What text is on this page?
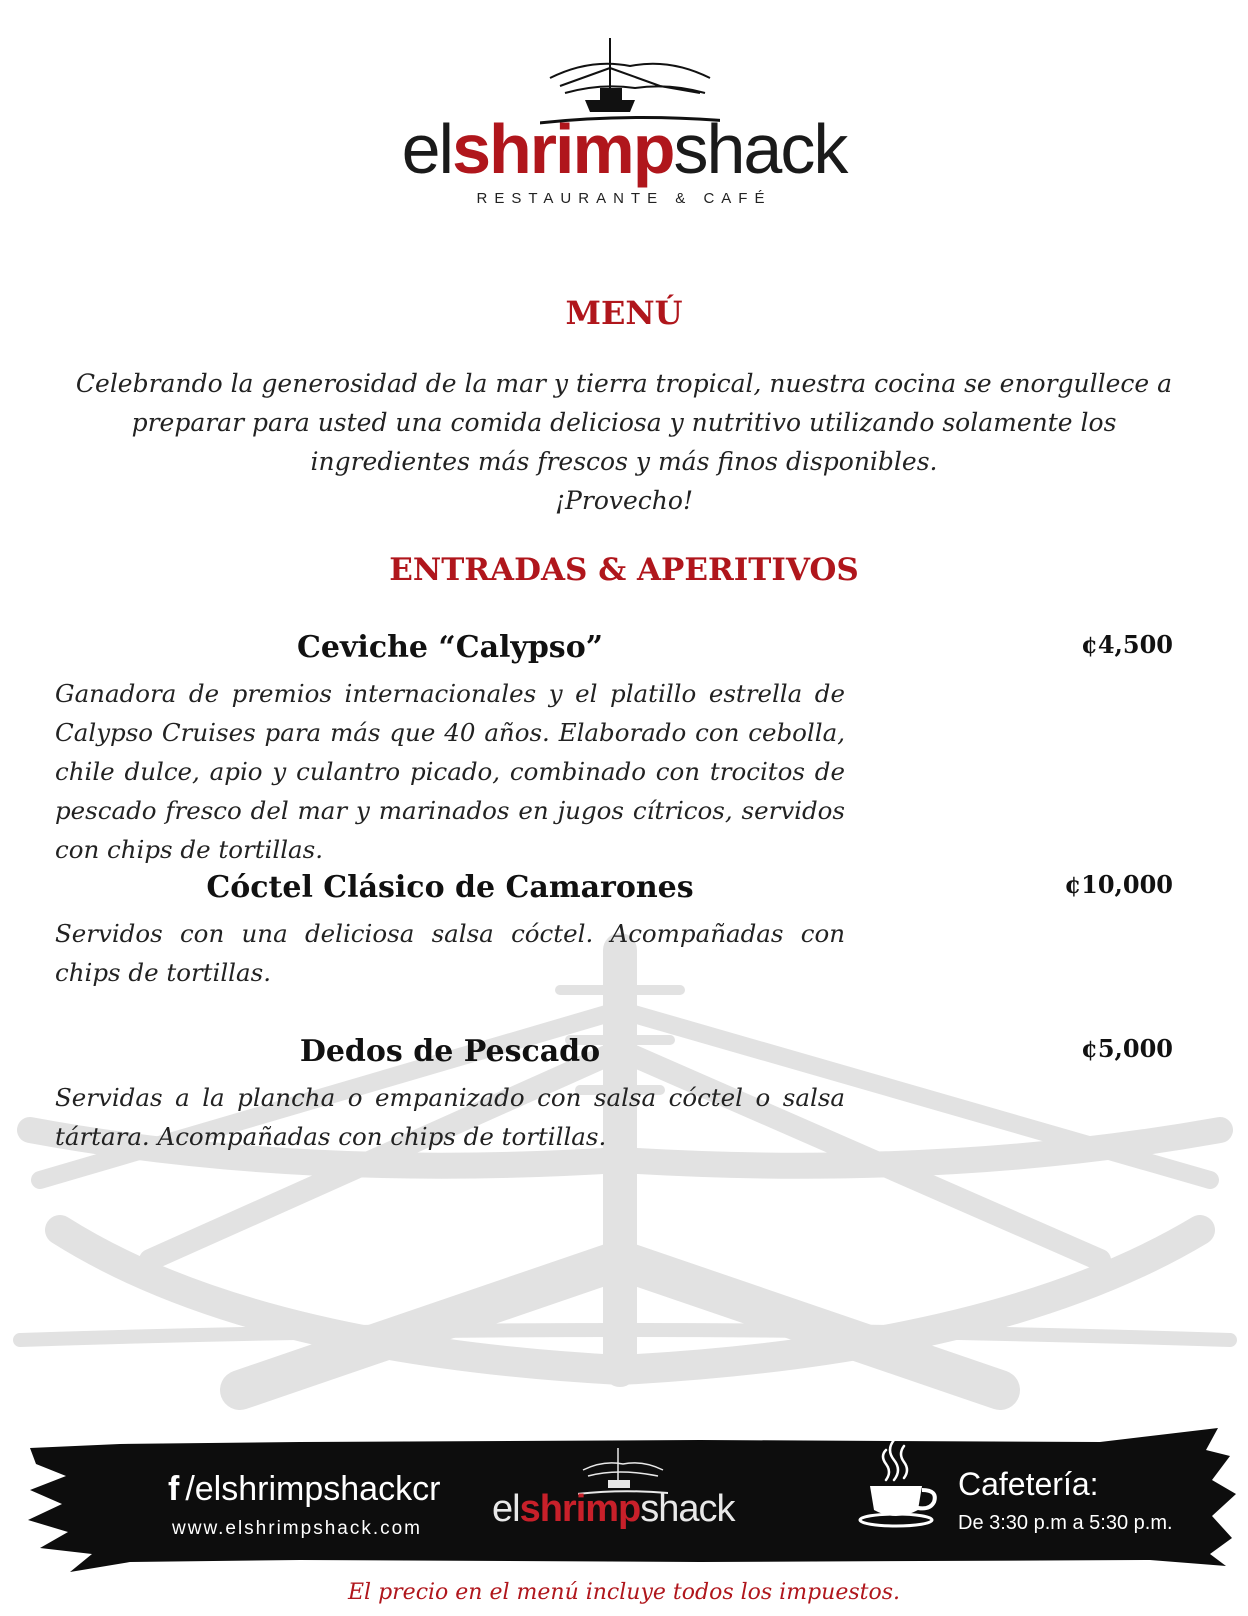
elshrimpshack
RESTAURANTE & CAFÉ
MENÚ

Celebrando la generosidad de la mar y tierra tropical, nuestra cocina se enorgullece a preparar para usted una comida deliciosa y nutritivo utilizando solamente los ingredientes más frescos y más finos disponibles.
¡Provecho!

ENTRADAS & APERITIVOS
Ceviche “Calypso”	¢4,500

Ganadora de premios internacionales y el platillo estrella de Calypso Cruises para más que 40 años. Elaborado con cebolla, chile dulce, apio y culantro picado, combinado con trocitos de pescado fresco del mar y marinados en jugos cítricos, servidos con chips de tortillas.

Cóctel Clásico de Camarones	¢10,000

Servidos con una deliciosa salsa cóctel. Acompañadas con chips de tortillas.

Dedos de Pescado	¢5,000

Servidas a la plancha o empanizado con salsa cóctel o salsa tártara. Acompañadas con chips de tortillas.

f /elshrimpshackcr
www.elshrimpshack.com elshrimpshack
Cafetería:
De 3:30 p.m a 5:30 p.m.

El precio en el menú incluye todos los impuestos.
